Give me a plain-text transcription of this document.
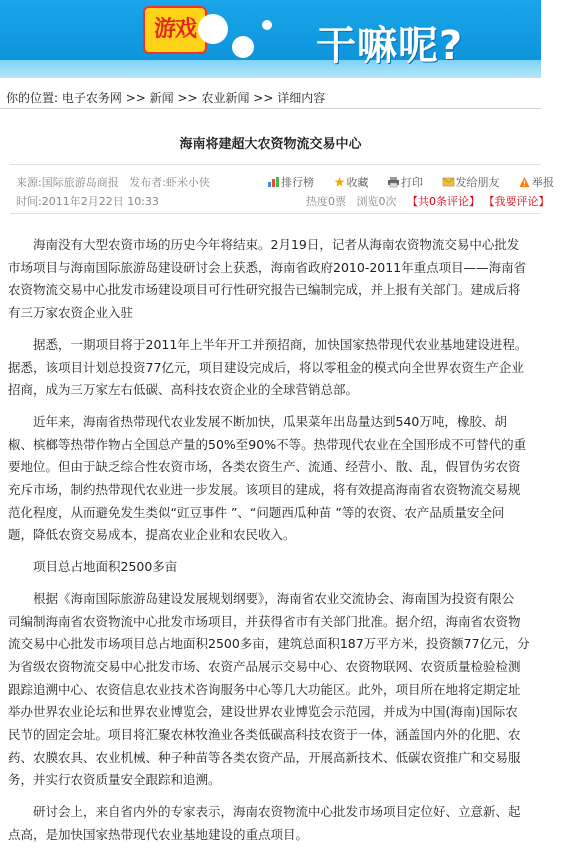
游戏	干嘛呢?
你的位置: 电子农务网 >> 新闻 >> 农业新闻 >> 详细内容
海南将建超大农资物流交易中心
来源:国际旅游岛商报 发布者:虾米小侠
时间:2011年2月22日 10:33
排行榜	收藏	打印	发给朋友	举报
热度0票 浏览0次 【共0条评论】 【我要评论】

海南没有大型农资市场的历史今年将结束。2月19日，记者从海南农资物流交易中心批发
市场项目与海南国际旅游岛建设研讨会上获悉，海南省政府2010-2011年重点项目——海南省
农资物流交易中心批发市场建设项目可行性研究报告已编制完成，并上报有关部门。建成后将
有三万家农资企业入驻

据悉，一期项目将于2011年上半年开工并预招商，加快国家热带现代农业基地建设进程。
据悉，该项目计划总投资77亿元，项目建设完成后，将以零租金的模式向全世界农资生产企业
招商，成为三万家左右低碳、高科技农资企业的全球营销总部。

近年来，海南省热带现代农业发展不断加快，瓜果菜年出岛量达到540万吨，橡胶、胡
椒、槟榔等热带作物占全国总产量的50%至90%不等。热带现代农业在全国形成不可替代的重
要地位。但由于缺乏综合性农资市场，各类农资生产、流通、经营小、散、乱，假冒伪劣农资
充斥市场，制约热带现代农业进一步发展。该项目的建成，将有效提高海南省农资物流交易规
范化程度，从而避免发生类似“豇豆事件 ”、“问题西瓜种苗 ”等的农资、农产品质量安全问
题，降低农资交易成本，提高农业企业和农民收入。

项目总占地面积2500多亩

根据《海南国际旅游岛建设发展规划纲要》，海南省农业交流协会、海南国为投资有限公
司编制海南省农资物流中心批发市场项目，并获得省市有关部门批准。据介绍，海南省农资物
流交易中心批发市场项目总占地面积2500多亩，建筑总面积187万平方米，投资额77亿元，分
为省级农资物流交易中心批发市场、农资产品展示交易中心、农资物联网、农资质量检验检测
跟踪追溯中心、农资信息农业技术咨询服务中心等几大功能区。此外，项目所在地将定期定址
举办世界农业论坛和世界农业博览会，建设世界农业博览会示范园，并成为中国(海南)国际农
民节的固定会址。项目将汇聚农林牧渔业各类低碳高科技农资于一体，涵盖国内外的化肥、农
药、农膜农具、农业机械、种子种苗等各类农资产品，开展高新技术、低碳农资推广和交易服
务，并实行农资质量安全跟踪和追溯。

研讨会上，来自省内外的专家表示，海南农资物流中心批发市场项目定位好、立意新、起
点高，是加快国家热带现代农业基地建设的重点项目。
